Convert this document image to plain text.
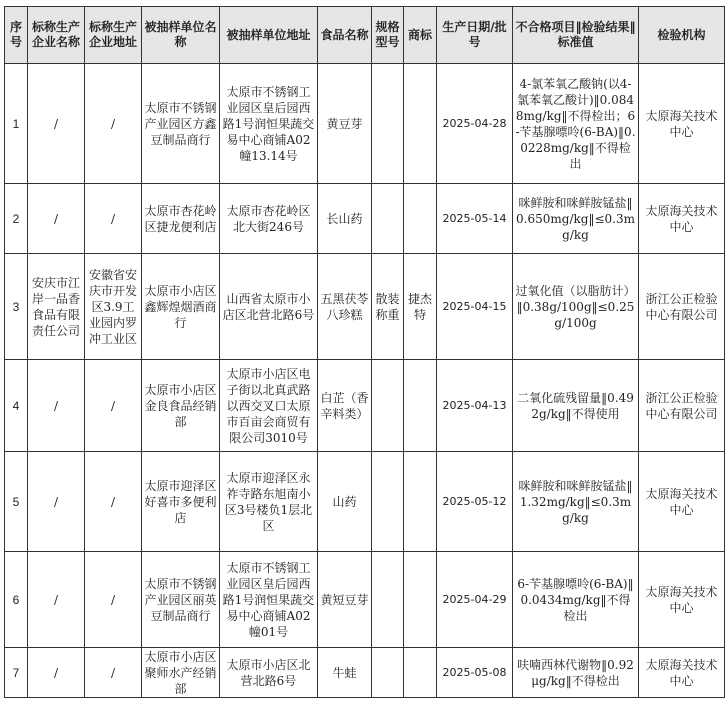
序号	标称生产企业名称	标称生产企业地址	被抽样单位名称	被抽样单位地址	食品名称	规格型号	商标	生产日期/批号	不合格项目‖检验结果‖标准值	检验机构
1	/	/	太原市不锈钢产业园区方鑫豆制品商行	太原市不锈钢工业园区皇后园西路1号润恒果蔬交易中心商铺A02幢13.14号	黄豆芽			2025-04-28	4-氯苯氧乙酸钠(以4-氯苯氧乙酸计)‖0.0848mg/kg‖不得检出；6-苄基腺嘌呤(6-BA)‖0.0228mg/kg‖不得检出	太原海关技术中心
2	/	/	太原市杏花岭区捷龙便利店	太原市杏花岭区北大街246号	长山药			2025-05-14	咪鲜胺和咪鲜胺锰盐‖0.650mg/kg‖≤0.3mg/kg	太原海关技术中心
3	安庆市江岸一品香食品有限责任公司	安徽省安庆市开发区3.9工业园内罗冲工业区	太原市小店区鑫辉煌烟酒商行	山西省太原市小店区北营北路6号	五黑茯苓八珍糕	散装称重	捷杰特	2025-04-15	过氧化值（以脂肪计）‖0.38g/100g‖≤0.25g/100g	浙江公正检验中心有限公司
4	/	/	太原市小店区金良食品经销部	太原市小店区电子街以北真武路以西交叉口太原市百亩会商贸有限公司3010号	白芷（香辛料类）			2025-04-13	二氧化硫残留量‖0.492g/kg‖不得使用	浙江公正检验中心有限公司
5	/	/	太原市迎泽区好喜市多便利店	太原市迎泽区永祚寺路东旭南小区3号楼负1层北区	山药			2025-05-12	咪鲜胺和咪鲜胺锰盐‖1.32mg/kg‖≤0.3mg/kg	太原海关技术中心
6	/	/	太原市不锈钢产业园区丽英豆制品商行	太原市不锈钢工业园区皇后园西路1号润恒果蔬交易中心商铺A02幢01号	黄短豆芽			2025-04-29	6-苄基腺嘌呤(6-BA)‖0.0434mg/kg‖不得检出	太原海关技术中心
7	/	/	太原市小店区聚师水产经销部	太原市小店区北营北路6号	牛蛙			2025-05-08	呋喃西林代谢物‖0.92μg/kg‖不得检出	太原海关技术中心
